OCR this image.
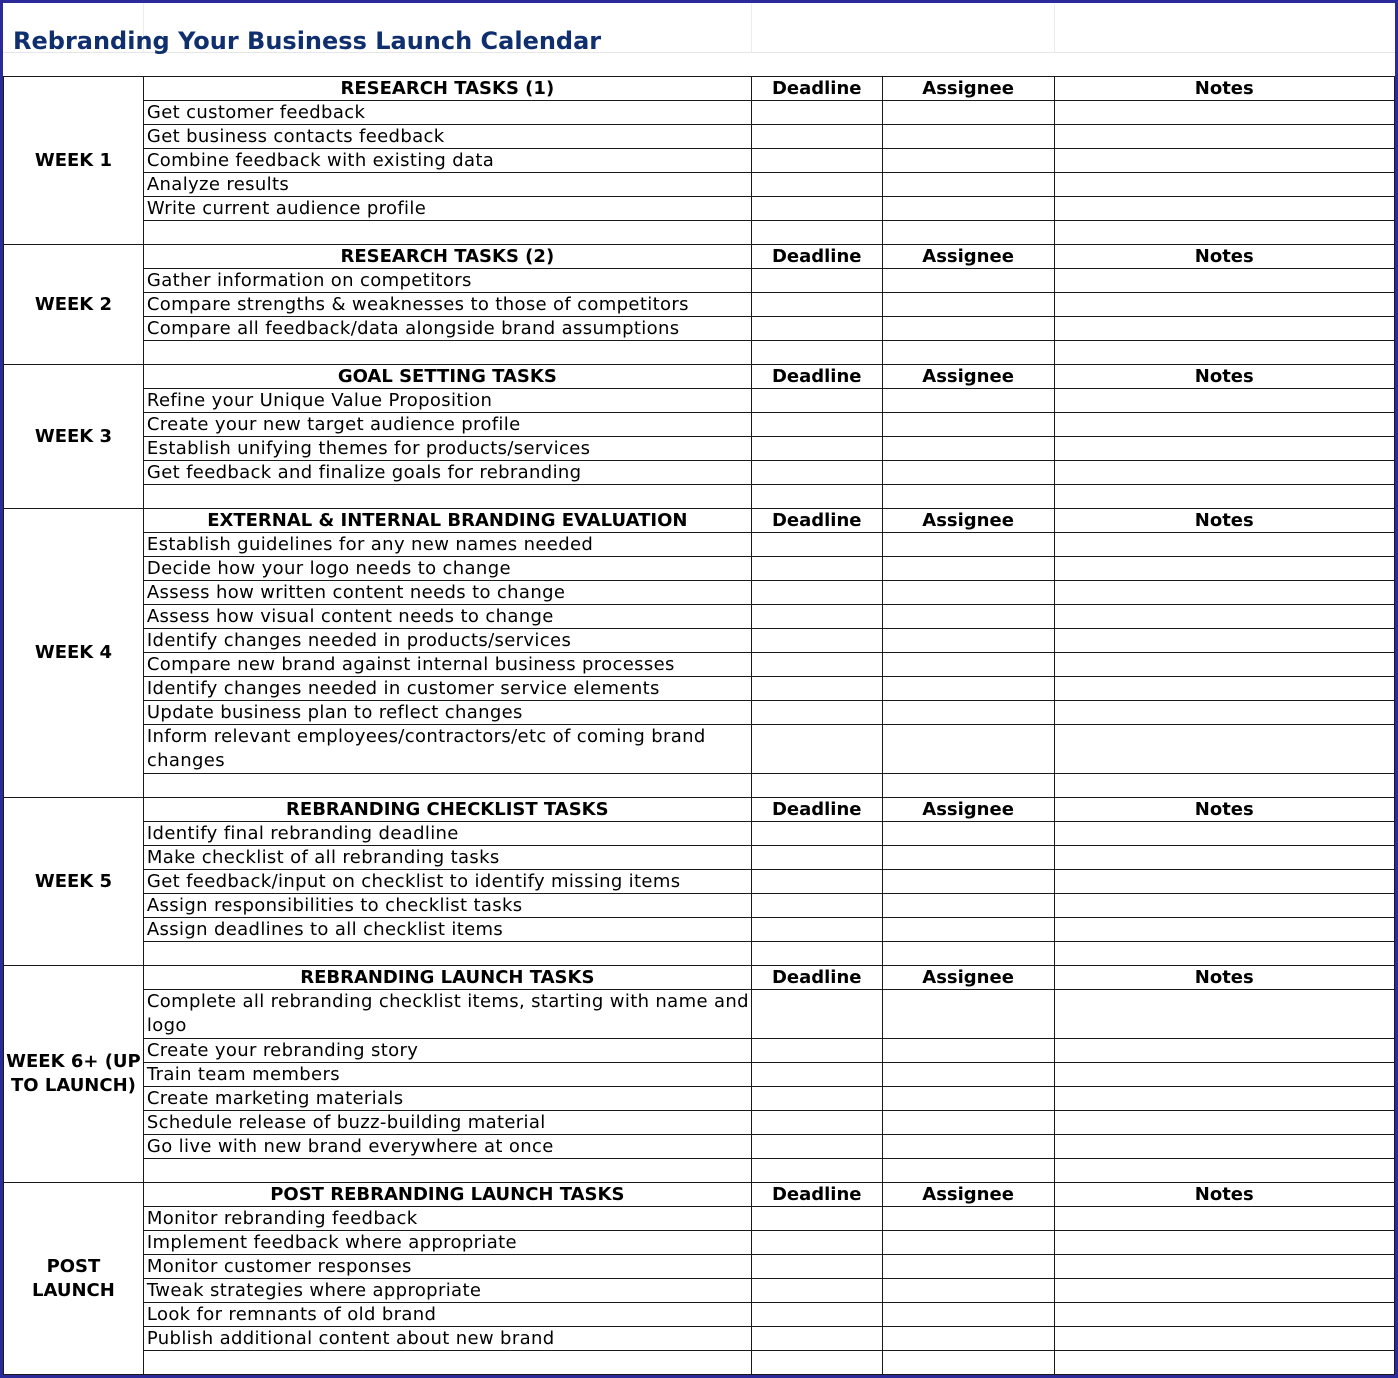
Rebranding Your Business Launch Calendar
WEEK 1	RESEARCH TASKS (1)	Deadline	Assignee	Notes
	Get customer feedback			
	Get business contacts feedback			
	Combine feedback with existing data			
	Analyze results			
	Write current audience profile			

WEEK 2	RESEARCH TASKS (2)	Deadline	Assignee	Notes
	Gather information on competitors			
	Compare strengths & weaknesses to those of competitors			
	Compare all feedback/data alongside brand assumptions			

WEEK 3	GOAL SETTING TASKS	Deadline	Assignee	Notes
	Refine your Unique Value Proposition			
	Create your new target audience profile			
	Establish unifying themes for products/services			
	Get feedback and finalize goals for rebranding			

WEEK 4	EXTERNAL & INTERNAL BRANDING EVALUATION	Deadline	Assignee	Notes
	Establish guidelines for any new names needed			
	Decide how your logo needs to change			
	Assess how written content needs to change			
	Assess how visual content needs to change			
	Identify changes needed in products/services			
	Compare new brand against internal business processes			
	Identify changes needed in customer service elements			
	Update business plan to reflect changes			
	Inform relevant employees/contractors/etc of coming brand changes			

WEEK 5	REBRANDING CHECKLIST TASKS	Deadline	Assignee	Notes
	Identify final rebranding deadline			
	Make checklist of all rebranding tasks			
	Get feedback/input on checklist to identify missing items			
	Assign responsibilities to checklist tasks			
	Assign deadlines to all checklist items			

WEEK 6+ (UP TO LAUNCH)	REBRANDING LAUNCH TASKS	Deadline	Assignee	Notes
	Complete all rebranding checklist items, starting with name and logo			
	Create your rebranding story			
	Train team members			
	Create marketing materials			
	Schedule release of buzz-building material			
	Go live with new brand everywhere at once			

POST LAUNCH	POST REBRANDING LAUNCH TASKS	Deadline	Assignee	Notes
	Monitor rebranding feedback			
	Implement feedback where appropriate			
	Monitor customer responses			
	Tweak strategies where appropriate			
	Look for remnants of old brand			
	Publish additional content about new brand			
